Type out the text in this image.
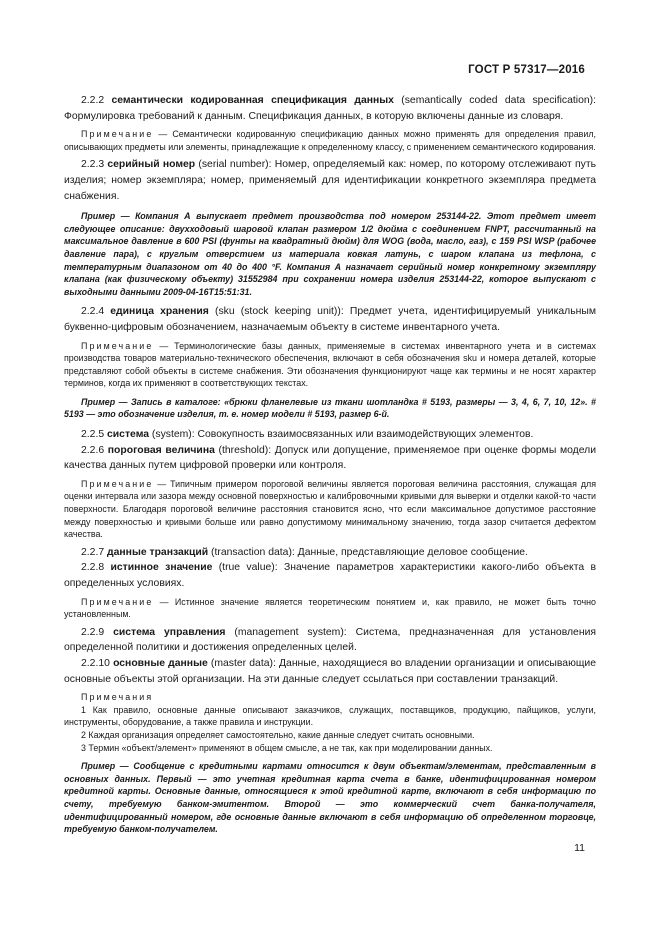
ГОСТ Р 57317—2016

2.2.2 семантически кодированная спецификация данных (semantically coded data specification): Формулировка требований к данным. Спецификация данных, в которую включены данные из словаря.

Примечание — Семантически кодированную спецификацию данных можно применять для определения правил, описывающих предметы или элементы, принадлежащие к определенному классу, с применением семантического кодирования.

2.2.3 серийный номер (serial number): Номер, определяемый как: номер, по которому отслеживают путь изделия; номер экземпляра; номер, применяемый для идентификации конкретного экземпляра предмета снабжения.

Пример — Компания А выпускает предмет производства под номером 253144-22. Этот предмет имеет следующее описание: двухходовый шаровой клапан размером 1/2 дюйма с соединением FNPT, рассчитанный на максимальное давление в 600 PSI (фунты на квадратный дюйм) для WOG (вода, масло, газ), с 159 PSI WSP (рабочее давление пара), с круглым отверстием из материала ковкая латунь, с шаром клапана из тефлона, с температурным диапазоном от 40 до 400 °F. Компания А назначает серийный номер конкретному экземпляру клапана (как физическому объекту) 31552984 при сохранении номера изделия 253144-22, которое выпускают с выходными данными 2009-04-16T15:51:31.

2.2.4 единица хранения (sku (stock keeping unit)): Предмет учета, идентифицируемый уникальным буквенно-цифровым обозначением, назначаемым объекту в системе инвентарного учета.

Примечание — Терминологические базы данных, применяемые в системах инвентарного учета и в системах производства товаров материально-технического обеспечения, включают в себя обозначения sku и номера деталей, которые представляют собой объекты в системе снабжения. Эти обозначения функционируют чаще как термины и не носят характер терминов, когда их применяют в соответствующих текстах.

Пример — Запись в каталоге: «брюки фланелевые из ткани шотландка # 5193, размеры — 3, 4, 6, 7, 10, 12». # 5193 — это обозначение изделия, т. е. номер модели # 5193, размер 6-й.

2.2.5 система (system): Совокупность взаимосвязанных или взаимодействующих элементов.

2.2.6 пороговая величина (threshold): Допуск или допущение, применяемое при оценке формы модели качества данных путем цифровой проверки или контроля.

Примечание — Типичным примером пороговой величины является пороговая величина расстояния, служащая для оценки интервала или зазора между основной поверхностью и калибровочными кривыми для выверки и отделки какой-то части поверхности. Благодаря пороговой величине расстояния становится ясно, что если максимальное допустимое расстояние между поверхностью и кривыми больше или равно допустимому минимальному значению, тогда зазор считается дефектом качества.

2.2.7 данные транзакций (transaction data): Данные, представляющие деловое сообщение.

2.2.8 истинное значение (true value): Значение параметров характеристики какого-либо объекта в определенных условиях.

Примечание — Истинное значение является теоретическим понятием и, как правило, не может быть точно установленным.

2.2.9 система управления (management system): Система, предназначенная для установления определенной политики и достижения определенных целей.

2.2.10 основные данные (master data): Данные, находящиеся во владении организации и описывающие основные объекты этой организации. На эти данные следует ссылаться при составлении транзакций.

Примечания

1 Как правило, основные данные описывают заказчиков, служащих, поставщиков, продукцию, пайщиков, услуги, инструменты, оборудование, а также правила и инструкции.

2 Каждая организация определяет самостоятельно, какие данные следует считать основными.

3 Термин «объект/элемент» применяют в общем смысле, а не так, как при моделировании данных.

Пример — Сообщение с кредитными картами относится к двум объектам/элементам, представленным в основных данных. Первый — это учетная кредитная карта счета в банке, идентифицированная номером кредитной карты. Основные данные, относящиеся к этой кредитной карте, включают в себя информацию по счету, требуемую банком-эмитентом. Второй — это коммерческий счет банка-получателя, идентифицированный номером, где основные данные включают в себя информацию об определенном торговце, требуемую банком-получателем.

11
